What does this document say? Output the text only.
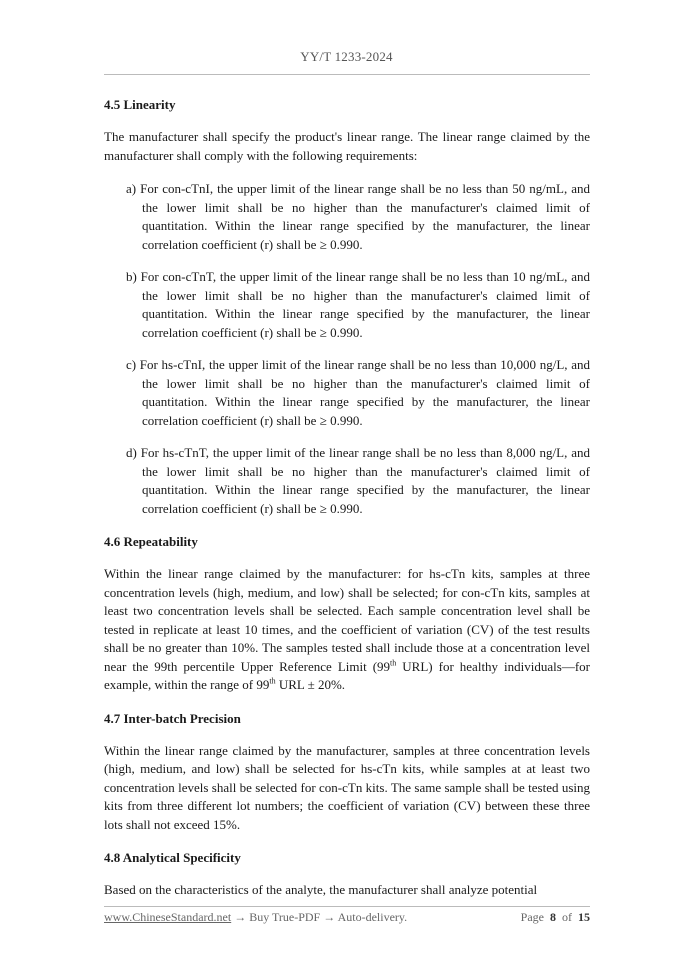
YY/T 1233-2024
4.5 Linearity

The manufacturer shall specify the product's linear range. The linear range claimed by the manufacturer shall comply with the following requirements:

a) For con-cTnI, the upper limit of the linear range shall be no less than 50 ng/mL, and the lower limit shall be no higher than the manufacturer's claimed limit of quantitation. Within the linear range specified by the manufacturer, the linear correlation coefficient (r) shall be ≥ 0.990.
b) For con-cTnT, the upper limit of the linear range shall be no less than 10 ng/mL, and the lower limit shall be no higher than the manufacturer's claimed limit of quantitation. Within the linear range specified by the manufacturer, the linear correlation coefficient (r) shall be ≥ 0.990.
c) For hs-cTnI, the upper limit of the linear range shall be no less than 10,000 ng/L, and the lower limit shall be no higher than the manufacturer's claimed limit of quantitation. Within the linear range specified by the manufacturer, the linear correlation coefficient (r) shall be ≥ 0.990.
d) For hs-cTnT, the upper limit of the linear range shall be no less than 8,000 ng/L, and the lower limit shall be no higher than the manufacturer's claimed limit of quantitation. Within the linear range specified by the manufacturer, the linear correlation coefficient (r) shall be ≥ 0.990.
4.6 Repeatability

Within the linear range claimed by the manufacturer: for hs-cTn kits, samples at three concentration levels (high, medium, and low) shall be selected; for con-cTn kits, samples at least two concentration levels shall be selected. Each sample concentration level shall be tested in replicate at least 10 times, and the coefficient of variation (CV) of the test results shall be no greater than 10%. The samples tested shall include those at a concentration level near the 99th percentile Upper Reference Limit (99th URL) for healthy individuals—for example, within the range of 99th URL ± 20%.

4.7 Inter-batch Precision

Within the linear range claimed by the manufacturer, samples at three concentration levels (high, medium, and low) shall be selected for hs-cTn kits, while samples at at least two concentration levels shall be selected for con-cTn kits. The same sample shall be tested using kits from three different lot numbers; the coefficient of variation (CV) between these three lots shall not exceed 15%.

4.8 Analytical Specificity

Based on the characteristics of the analyte, the manufacturer shall analyze potential

www.ChineseStandard.net → Buy True-PDF → Auto-delivery.	Page 8 of 15
